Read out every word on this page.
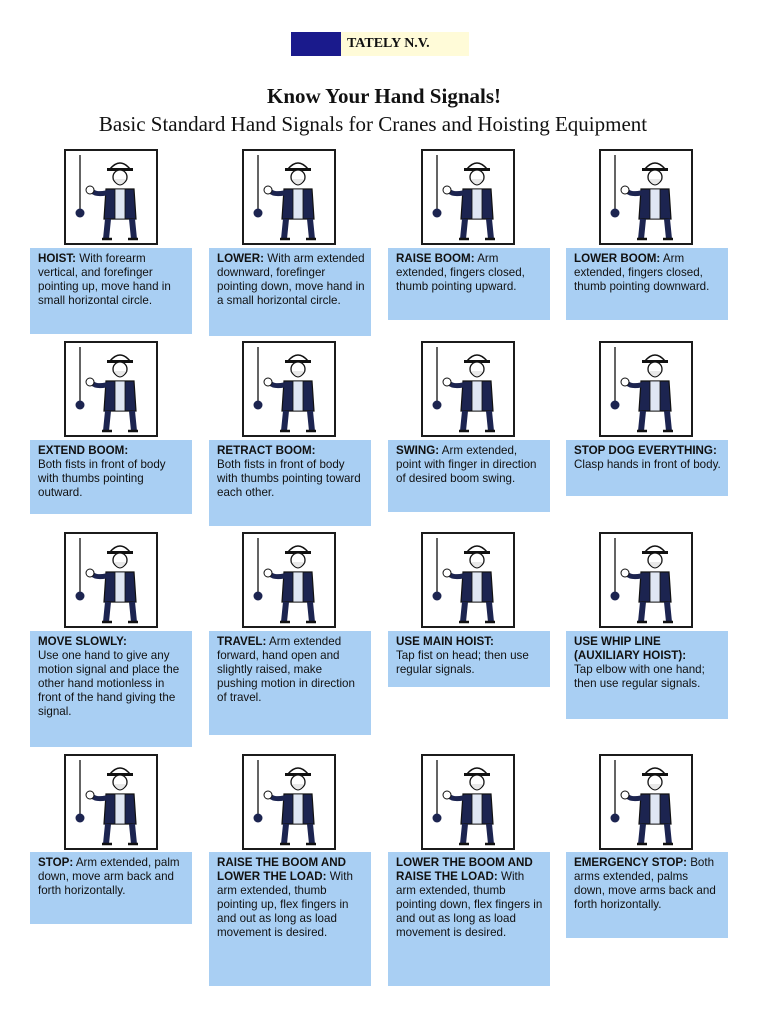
TATELY N.V.
Know Your Hand Signals!
Basic Standard Hand Signals for Cranes and Hoisting Equipment
HOIST: With forearm vertical, and forefinger pointing up, move hand in small horizontal circle.
LOWER: With arm extended downward, forefinger pointing down, move hand in a small horizontal circle.
RAISE BOOM: Arm extended, fingers closed, thumb pointing upward.
LOWER BOOM: Arm extended, fingers closed, thumb pointing downward.
EXTEND BOOM:
Both fists in front of body with thumbs pointing outward.
RETRACT BOOM:
Both fists in front of body with thumbs pointing toward each other.
SWING: Arm extended, point with finger in direction of desired boom swing.
STOP DOG EVERYTHING: Clasp hands in front of body.
MOVE SLOWLY:
Use one hand to give any motion signal and place the other hand motionless in front of the hand giving the signal.
TRAVEL: Arm extended forward, hand open and slightly raised, make pushing motion in direction of travel.
USE MAIN HOIST:
Tap fist on head; then use regular signals.
USE WHIP LINE (AUXILIARY HOIST):
Tap elbow with one hand; then use regular signals.
STOP: Arm extended, palm down, move arm back and forth horizontally.
RAISE THE BOOM AND LOWER THE LOAD: With arm extended, thumb pointing up, flex fingers in and out as long as load movement is desired.
LOWER THE BOOM AND RAISE THE LOAD: With arm extended, thumb pointing down, flex fingers in and out as long as load movement is desired.
EMERGENCY STOP: Both arms extended, palms down, move arms back and forth horizontally.
